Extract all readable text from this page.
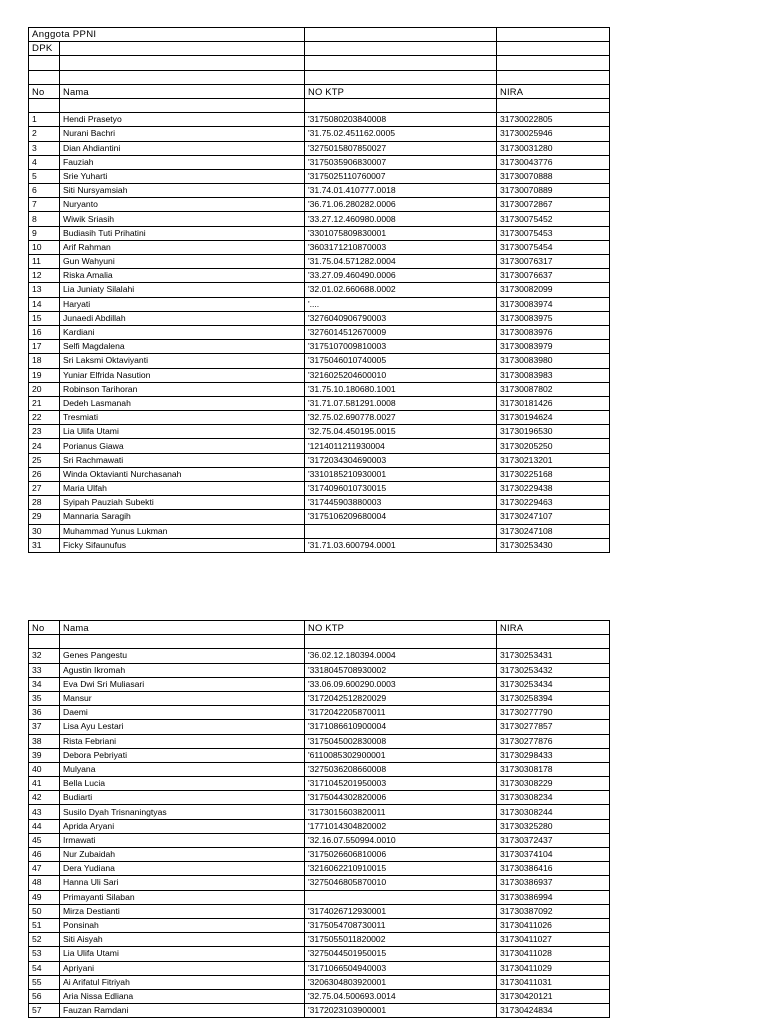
Anggota PPNI			
DPK			

No	Nama	NO KTP	NIRA

1	Hendi Prasetyo	'3175080203840008	31730022805
2	Nurani Bachri	'31.75.02.451162.0005	31730025946
3	Dian Ahdiantini	'3275015807850027	31730031280
4	Fauziah	'3175035906830007	31730043776
5	Srie Yuharti	'3175025110760007	31730070888
6	Siti Nursyamsiah	'31.74.01.410777.0018	31730070889
7	Nuryanto	'36.71.06.280282.0006	31730072867
8	Wiwik Sriasih	'33.27.12.460980.0008	31730075452
9	Budiasih Tuti Prihatini	'3301075809830001	31730075453
10	Arif Rahman	'3603171210870003	31730075454
11	Gun Wahyuni	'31.75.04.571282.0004	31730076317
12	Riska Amalia	'33.27.09.460490.0006	31730076637
13	Lia Juniaty Silalahi	'32.01.02.660688.0002	31730082099
14	Haryati	'....	31730083974
15	Junaedi Abdillah	'3276040906790003	31730083975
16	Kardiani	'3276014512670009	31730083976
17	Selfi Magdalena	'3175107009810003	31730083979
18	Sri Laksmi Oktaviyanti	'3175046010740005	31730083980
19	Yuniar Elfrida Nasution	'3216025204600010	31730083983
20	Robinson Tarihoran	'31.75.10.180680.1001	31730087802
21	Dedeh Lasmanah	'31.71.07.581291.0008	31730181426
22	Tresmiati	'32.75.02.690778.0027	31730194624
23	Lia Ulifa Utami	'32.75.04.450195.0015	31730196530
24	Porianus Giawa	'1214011211930004	31730205250
25	Sri Rachmawati	'3172034304690003	31730213201
26	Winda Oktavianti Nurchasanah	'3310185210930001	31730225168
27	Maria Ulfah	'3174096010730015	31730229438
28	Syipah Pauziah Subekti	'317445903880003	31730229463
29	Mannaria Saragih	'3175106209680004	31730247107
30	Muhammad Yunus Lukman		31730247108
31	Ficky Sifaunufus	'31.71.03.600794.0001	31730253430
No	Nama	NO KTP	NIRA

32	Genes Pangestu	'36.02.12.180394.0004	31730253431
33	Agustin Ikromah	'3318045708930002	31730253432
34	Eva Dwi Sri Muliasari	'33.06.09.600290.0003	31730253434
35	Mansur	'3172042512820029	31730258394
36	Daemi	'3172042205870011	31730277790
37	Lisa Ayu Lestari	'3171086610900004	31730277857
38	Rista Febriani	'3175045002830008	31730277876
39	Debora Pebriyati	'6110085302900001	31730298433
40	Mulyana	'3275036208660008	31730308178
41	Bella Lucia	'3171045201950003	31730308229
42	Budiarti	'3175044302820006	31730308234
43	Susilo Dyah Trisnaningtyas	'3173015603820011	31730308244
44	Aprida Aryani	'1771014304820002	31730325280
45	Irmawati	'32.16.07.550994.0010	31730372437
46	Nur Zubaidah	'3175026606810006	31730374104
47	Dera Yudiana	'3216062210910015	31730386416
48	Hanna Uli Sari	'3275046805870010	31730386937
49	Primayanti Silaban		31730386994
50	Mirza Destianti	'3174026712930001	31730387092
51	Ponsinah	'3175054708730011	31730411026
52	Siti Aisyah	'3175055011820002	31730411027
53	Lia Ulifa Utami	'3275044501950015	31730411028
54	Apriyani	'3171066504940003	31730411029
55	Ai Arifatul Fitriyah	'3206304803920001	31730411031
56	Aria Nissa Edliana	'32.75.04.500693.0014	31730420121
57	Fauzan Ramdani	'3172023103900001	31730424834
